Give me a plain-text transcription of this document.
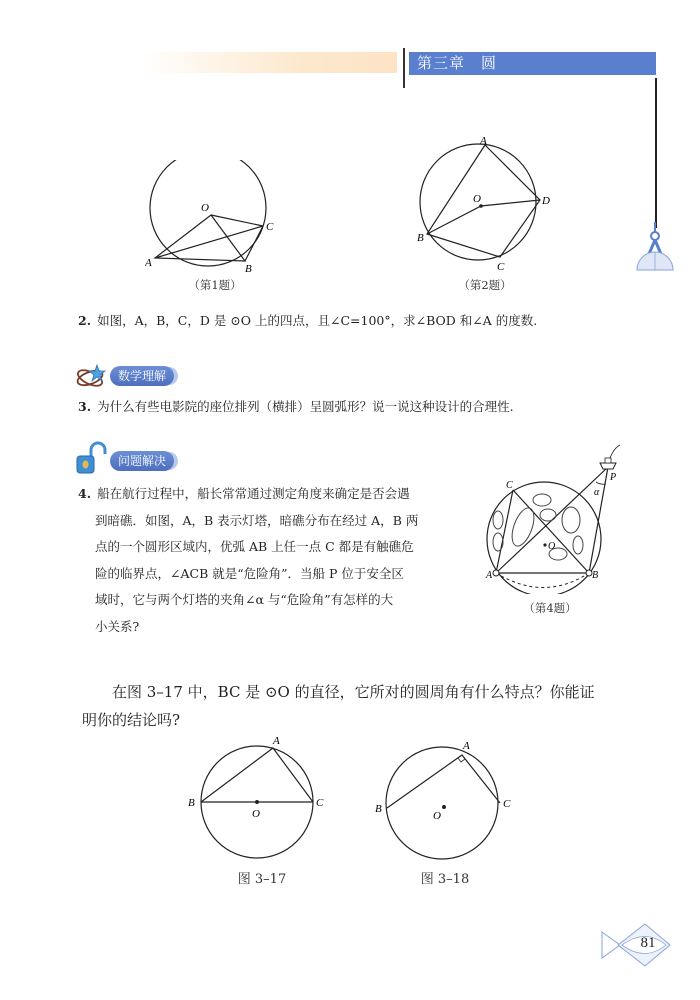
第三章　圆
O
C
A	B
（第1题）
A
O	D
B
C
（第2题）
2. 如图，A，B，C，D 是 ⊙O 上的四点，且∠C=100°，求∠BOD 和∠A 的度数.
数学理解
3. 为什么有些电影院的座位排列（横排）呈圆弧形？说一说这种设计的合理性.
问题解决
4. 船在航行过程中，船长常常通过测定角度来确定是否会遇
到暗礁．如图，A，B 表示灯塔，暗礁分布在经过 A，B 两
点的一个圆形区域内，优弧 AB 上任一点 C 都是有触礁危
险的临界点，∠ACB 就是“危险角”．当船 P 位于安全区
域时，它与两个灯塔的夹角∠α 与“危险角”有怎样的大
小关系?
P
C
α
O
A	B
（第4题）
在图 3–17 中，BC 是 ⊙O 的直径，它所对的圆周角有什么特点？你能证
明你的结论吗?
A
B
O
C
图 3–17
A
B
O
C
图 3–18
81
